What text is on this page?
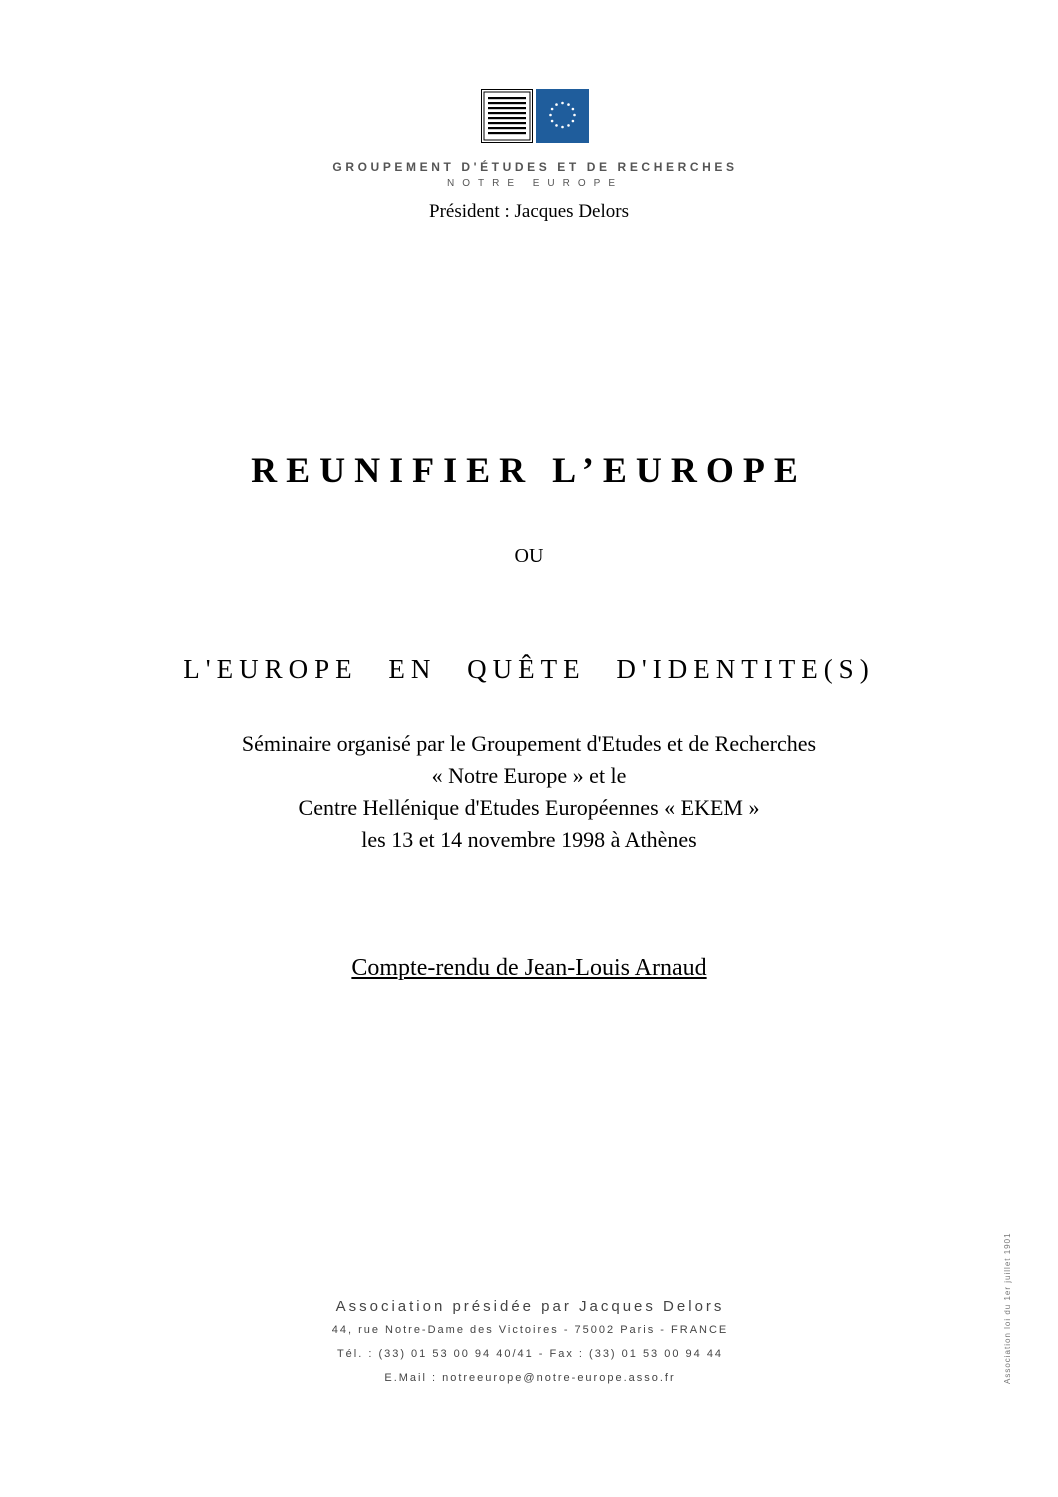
GROUPEMENT D'ÉTUDES ET DE RECHERCHES
NOTRE EUROPE
Président : Jacques Delors
REUNIFIER L’EUROPE
OU
L'EUROPE EN QUÊTE D'IDENTITE(S)
Séminaire organisé par le Groupement d'Etudes et de Recherches
« Notre Europe » et le
Centre Hellénique d'Etudes Européennes « EKEM »
les 13 et 14 novembre 1998 à Athènes
Compte-rendu de Jean-Louis Arnaud
Association présidée par Jacques Delors
44, rue Notre-Dame des Victoires - 75002 Paris - FRANCE
Tél. : (33) 01 53 00 94 40/41 - Fax : (33) 01 53 00 94 44
E.Mail : notreeurope@notre-europe.asso.fr	Association loi du 1er juillet 1901
